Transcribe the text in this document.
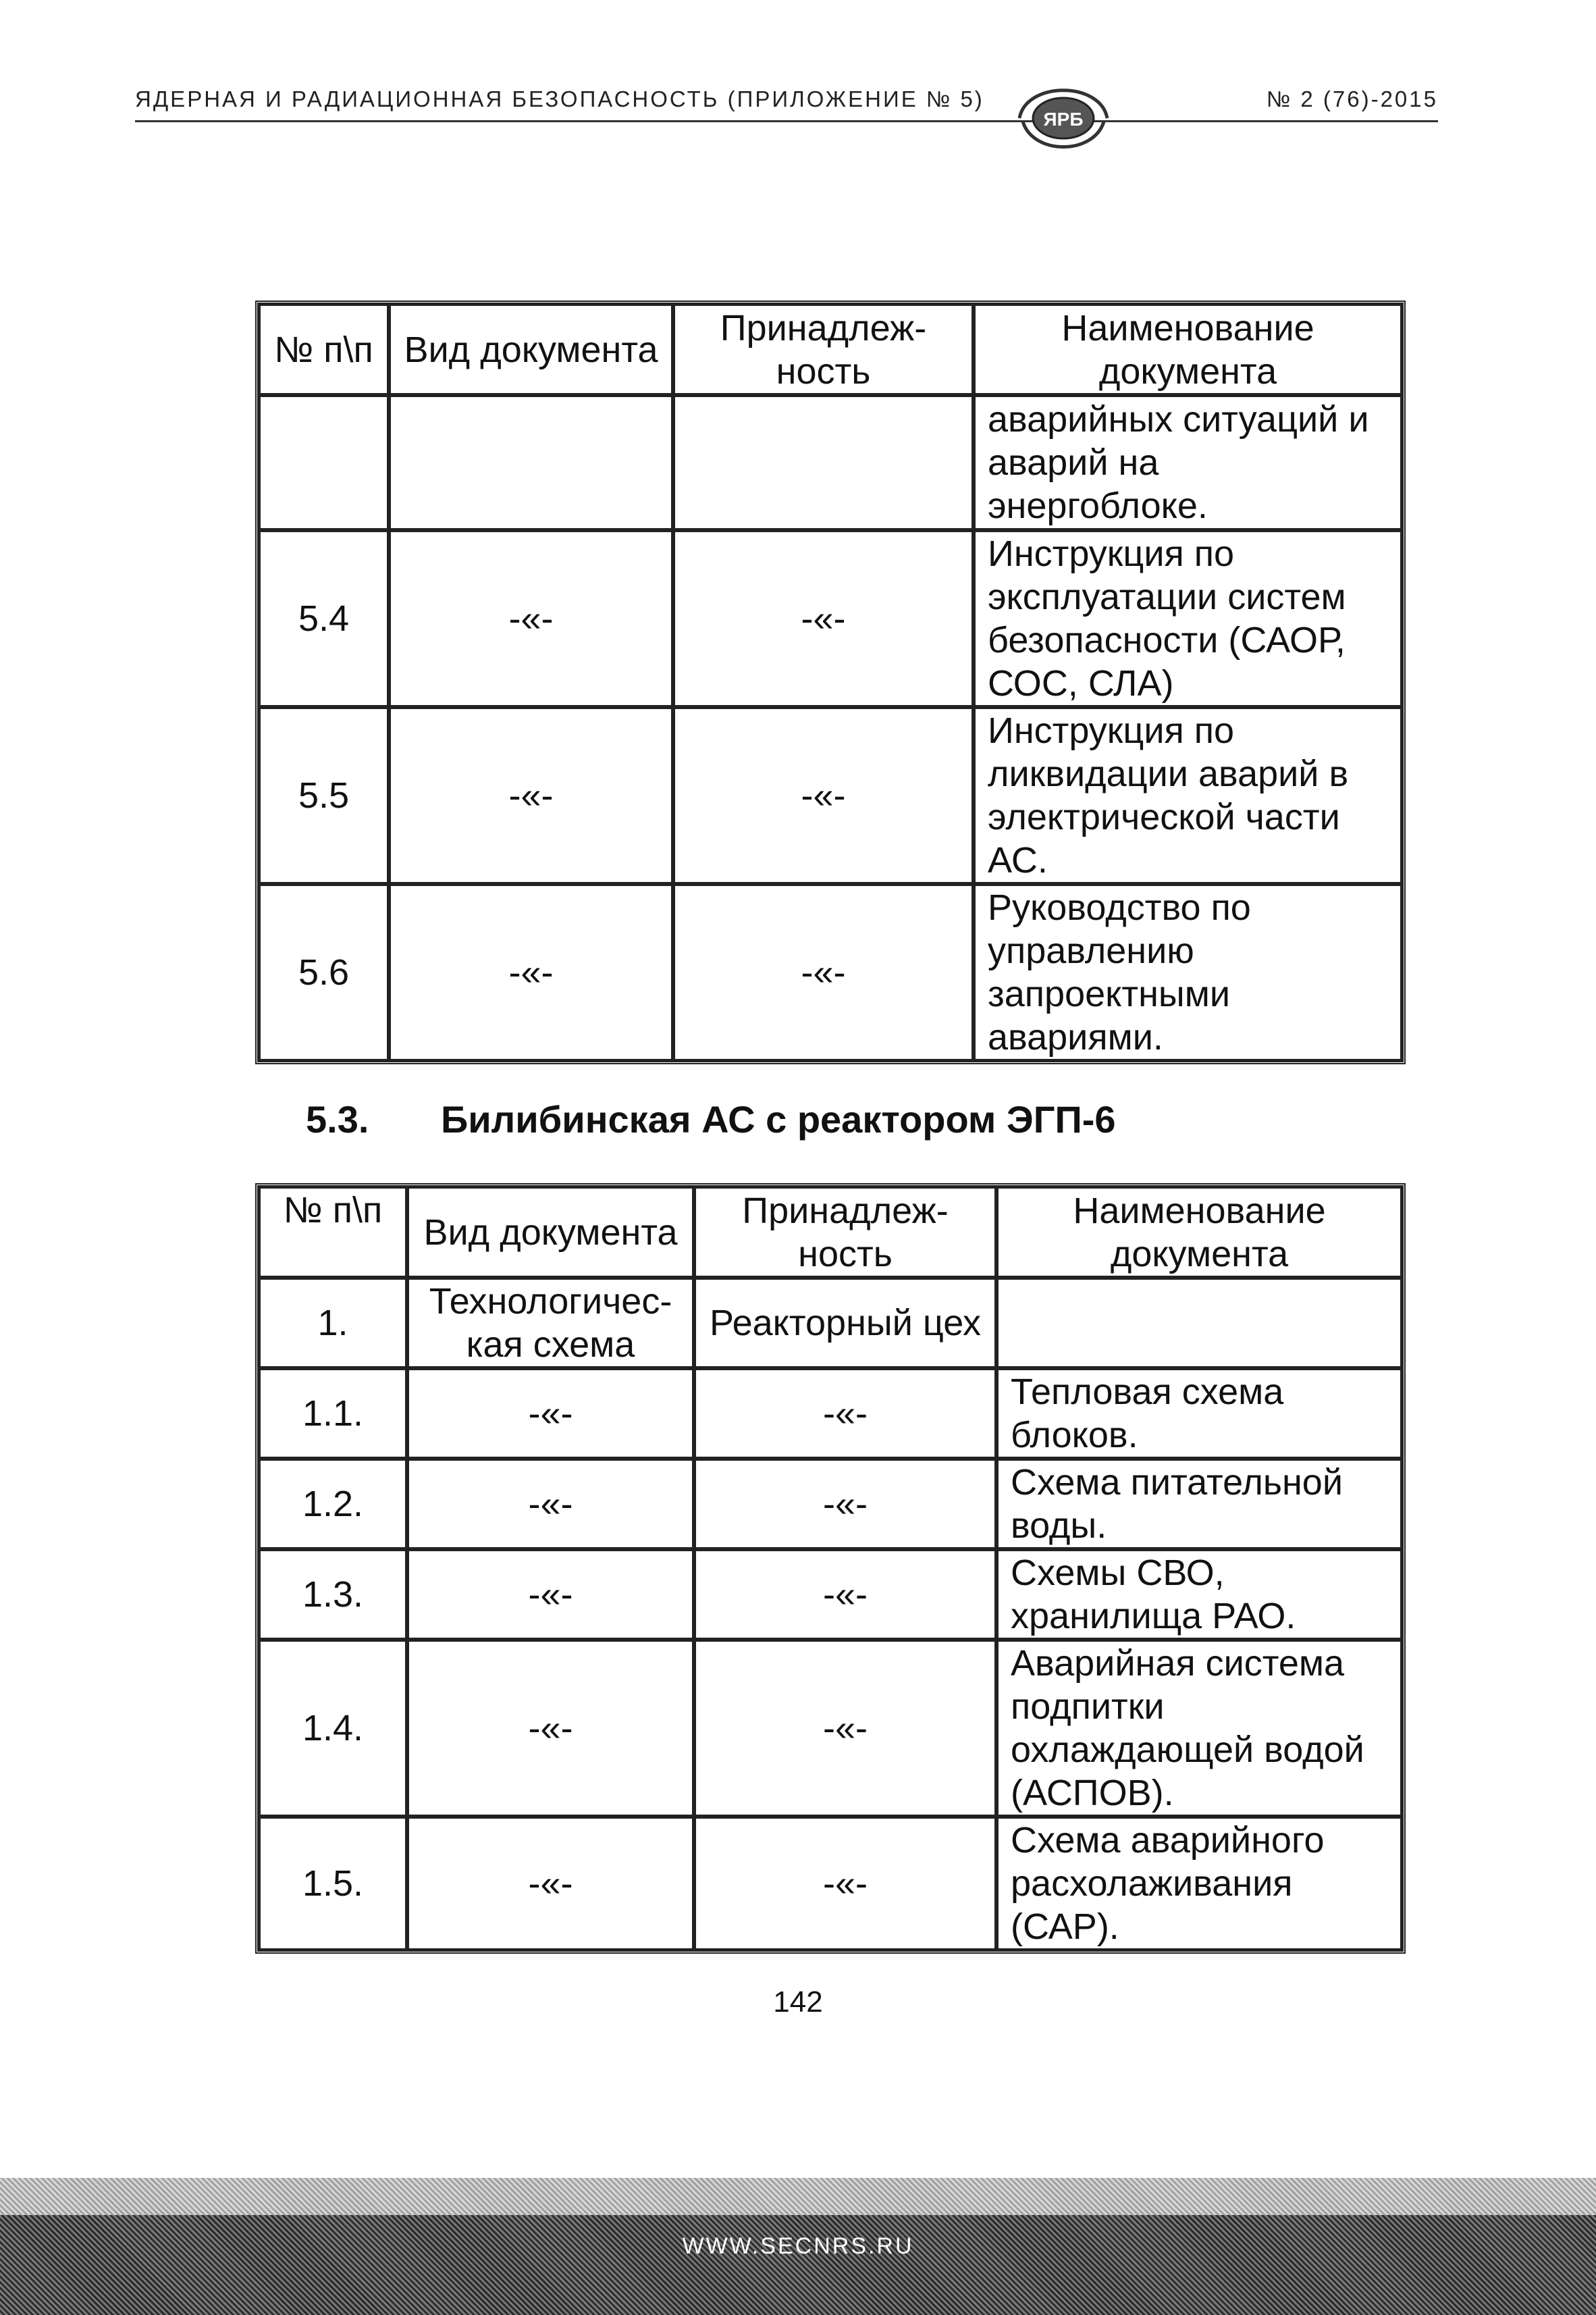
ЯДЕРНАЯ И РАДИАЦИОННАЯ БЕЗОПАСНОСТЬ (ПРИЛОЖЕНИЕ № 5)	№ 2 (76)-2015
ЯРБ
№ п\п	Вид документа	Принадлеж-ность	Наименование документа
			аварийных ситуаций и аварий на энергоблоке.
5.4	-«-	-«-	Инструкция по эксплуатации систем безопасности (САОР, СОС, СЛА)
5.5	-«-	-«-	Инструкция по ликвидации аварий в электрической части АС.
5.6	-«-	-«-	Руководство по управлению запроектными авариями.
5.3. Билибинская АС с реактором ЭГП-6
№ п\п	Вид документа	Принадлеж-ность	Наименование документа
1.	Технологичес-кая схема	Реакторный цех	
1.1.	-«-	-«-	Тепловая схема блоков.
1.2.	-«-	-«-	Схема питательной воды.
1.3.	-«-	-«-	Схемы СВО, хранилища РАО.
1.4.	-«-	-«-	Аварийная система подпитки охлаждающей водой (АСПОВ).
1.5.	-«-	-«-	Схема аварийного расхолаживания (САР).
142
WWW.SECNRS.RU
